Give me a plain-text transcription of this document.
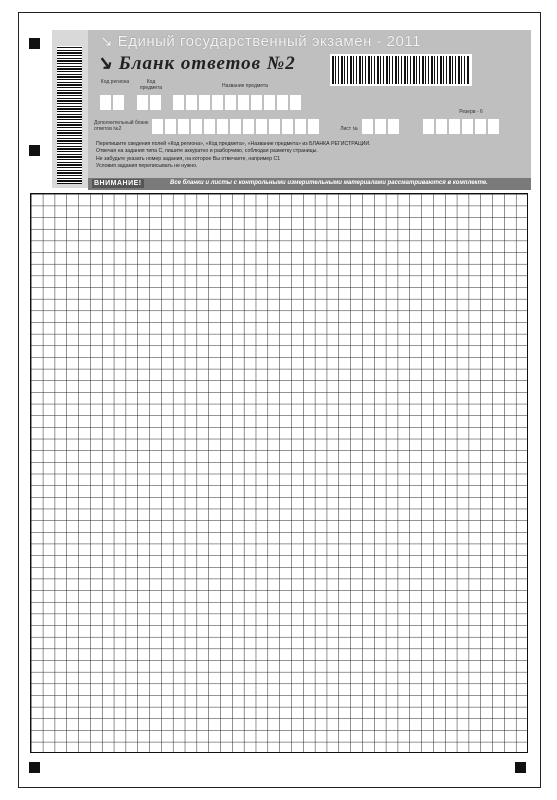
↘ Единый государственный экзамен - 2011
↘ Бланк ответов №2
Код региона	Код предмета	Название предмета
Дополнительный бланк ответов №2	Лист №
Резерв - 6
Перепишите сведения полей «Код региона», «Код предмета», «Название предмета» из БЛАНКА РЕГИСТРАЦИИ.
Отвечая на задания типа С, пишите аккуратно и разборчиво, соблюдая разметку страницы.
Не забудьте указать номер задания, на которое Вы отвечаете, например С1
Условия задания переписывать не нужно.
ВНИМАНИЕ!	Все бланки и листы с контрольными измерительными материалами рассматриваются в комплекте.
